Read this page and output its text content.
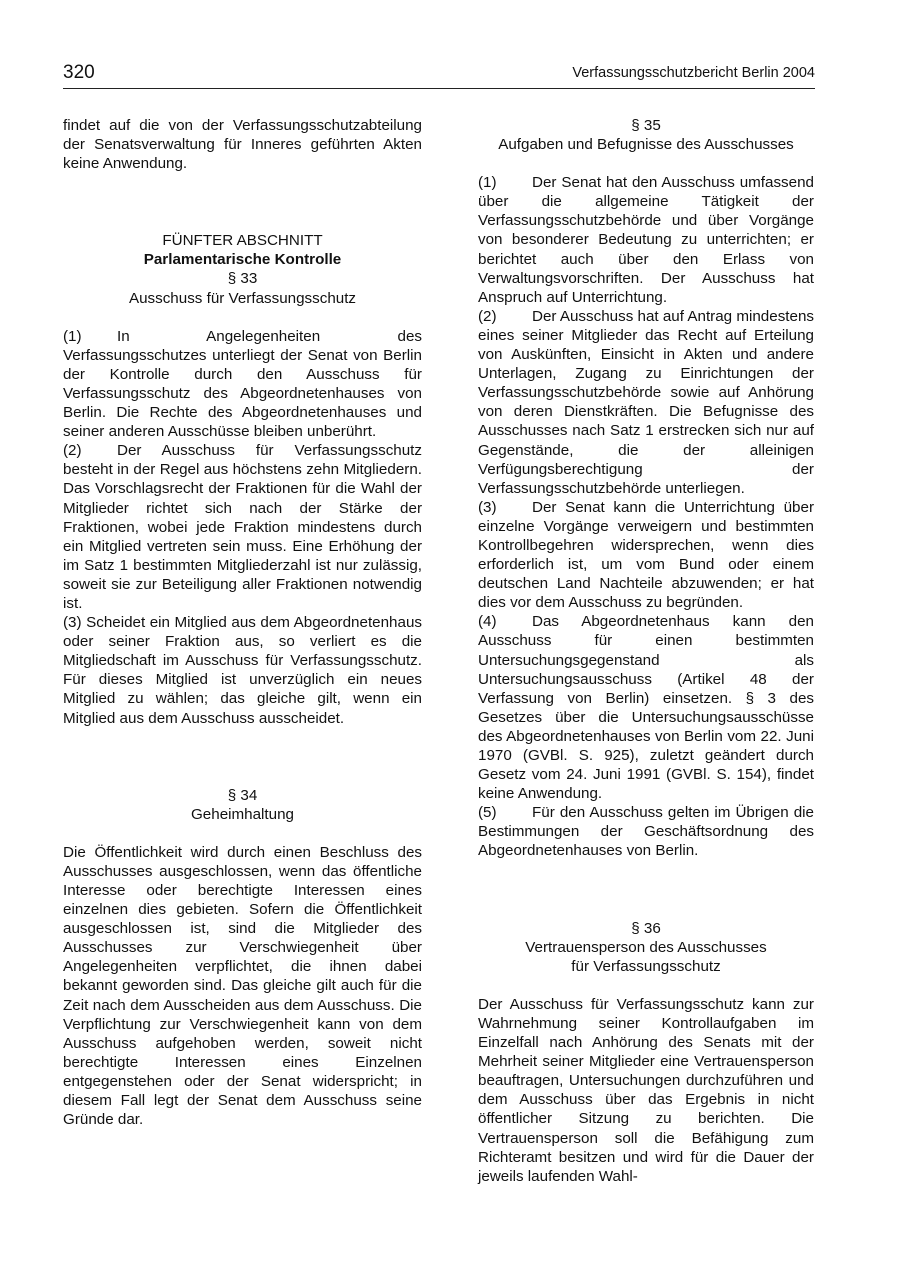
320	Verfassungsschutzbericht Berlin 2004

findet auf die von der Verfassungsschutzabteilung der Senatsverwaltung für Inneres geführten Akten keine Anwendung.

FÜNFTER ABSCHNITT
Parlamentarische Kontrolle
§ 33
Ausschuss für Verfassungsschutz
(1) In Angelegenheiten des Verfassungsschutzes unterliegt der Senat von Berlin der Kontrolle durch den Ausschuss für Verfassungsschutz des Abgeordnetenhauses von Berlin. Die Rechte des Abgeordnetenhauses und seiner anderen Ausschüsse bleiben unberührt.
(2) Der Ausschuss für Verfassungsschutz besteht in der Regel aus höchstens zehn Mitgliedern. Das Vorschlagsrecht der Fraktionen für die Wahl der Mitglieder richtet sich nach der Stärke der Fraktionen, wobei jede Fraktion mindestens durch ein Mitglied vertreten sein muss. Eine Erhöhung der im Satz 1 bestimmten Mitgliederzahl ist nur zulässig, soweit sie zur Beteiligung aller Fraktionen notwendig ist.
(3) Scheidet ein Mitglied aus dem Abgeordnetenhaus oder seiner Fraktion aus, so verliert es die Mitgliedschaft im Ausschuss für Verfassungsschutz. Für dieses Mitglied ist unverzüglich ein neues Mitglied zu wählen; das gleiche gilt, wenn ein Mitglied aus dem Ausschuss ausscheidet.
§ 34
Geheimhaltung

Die Öffentlichkeit wird durch einen Beschluss des Ausschusses ausgeschlossen, wenn das öffentliche Interesse oder berechtigte Interessen eines einzelnen dies gebieten. Sofern die Öffentlichkeit ausgeschlossen ist, sind die Mitglieder des Ausschusses zur Verschwiegenheit über Angelegenheiten verpflichtet, die ihnen dabei bekannt geworden sind. Das gleiche gilt auch für die Zeit nach dem Ausscheiden aus dem Ausschuss. Die Verpflichtung zur Verschwiegenheit kann von dem Ausschuss aufgehoben werden, soweit nicht berechtigte Interessen eines Einzelnen entgegenstehen oder der Senat widerspricht; in diesem Fall legt der Senat dem Ausschuss seine Gründe dar.

§ 35
Aufgaben und Befugnisse des Ausschusses
(1) Der Senat hat den Ausschuss umfassend über die allgemeine Tätigkeit der Verfassungsschutzbehörde und über Vorgänge von besonderer Bedeutung zu unterrichten; er berichtet auch über den Erlass von Verwaltungsvorschriften. Der Ausschuss hat Anspruch auf Unterrichtung.
(2) Der Ausschuss hat auf Antrag mindestens eines seiner Mitglieder das Recht auf Erteilung von Auskünften, Einsicht in Akten und andere Unterlagen, Zugang zu Einrichtungen der Verfassungsschutzbehörde sowie auf Anhörung von deren Dienstkräften. Die Befugnisse des Ausschusses nach Satz 1 erstrecken sich nur auf Gegenstände, die der alleinigen Verfügungsberechtigung der Verfassungsschutzbehörde unterliegen.
(3) Der Senat kann die Unterrichtung über einzelne Vorgänge verweigern und bestimmten Kontrollbegehren widersprechen, wenn dies erforderlich ist, um vom Bund oder einem deutschen Land Nachteile abzuwenden; er hat dies vor dem Ausschuss zu begründen.
(4) Das Abgeordnetenhaus kann den Ausschuss für einen bestimmten Untersuchungsgegenstand als Untersuchungsausschuss (Artikel 48 der Verfassung von Berlin) einsetzen. § 3 des Gesetzes über die Untersuchungsausschüsse des Abgeordnetenhauses von Berlin vom 22. Juni 1970 (GVBl. S. 925), zuletzt geändert durch Gesetz vom 24. Juni 1991 (GVBl. S. 154), findet keine Anwendung.
(5) Für den Ausschuss gelten im Übrigen die Bestimmungen der Geschäftsordnung des Abgeordnetenhauses von Berlin.
§ 36
Vertrauensperson des Ausschusses
für Verfassungsschutz

Der Ausschuss für Verfassungsschutz kann zur Wahrnehmung seiner Kontrollaufgaben im Einzelfall nach Anhörung des Senats mit der Mehrheit seiner Mitglieder eine Vertrauensperson beauftragen, Untersuchungen durchzuführen und dem Ausschuss über das Ergebnis in nicht öffentlicher Sitzung zu berichten. Die Vertrauensperson soll die Befähigung zum Richteramt besitzen und wird für die Dauer der jeweils laufenden Wahl-
